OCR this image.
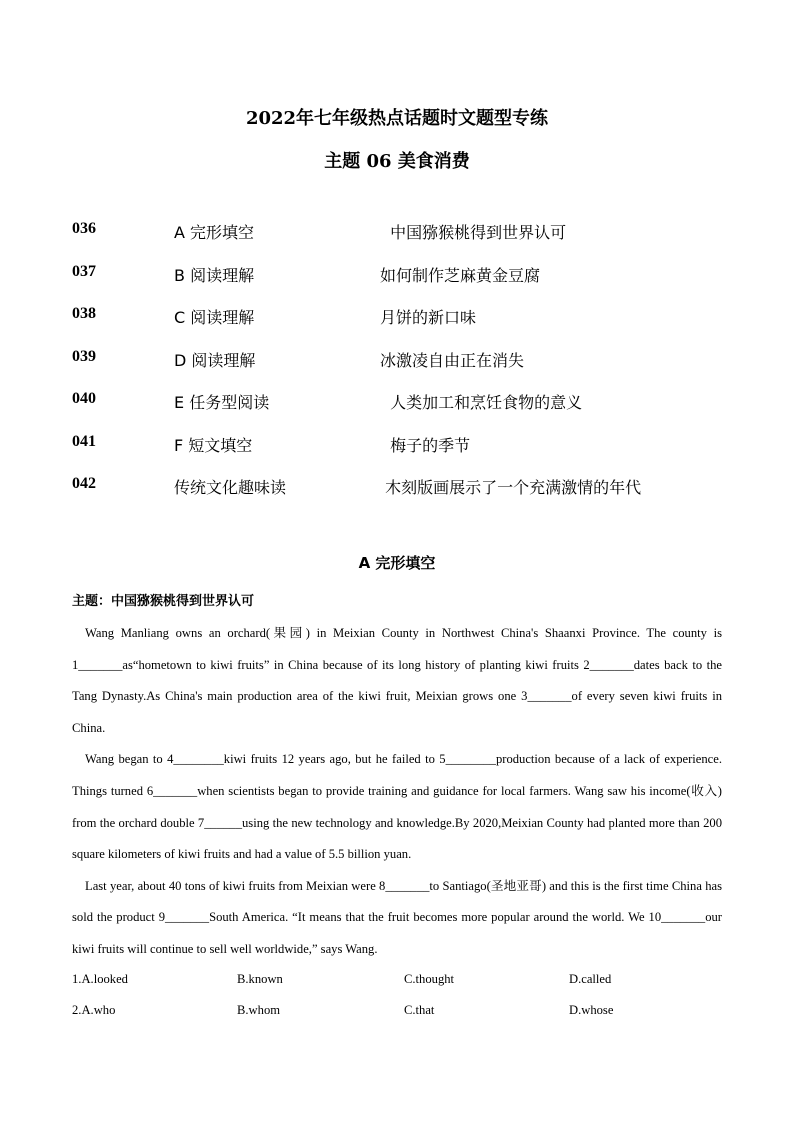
2022年七年级热点话题时文题型专练
主题 06 美食消费
036	A 完形填空	中国猕猴桃得到世界认可
037	B 阅读理解	如何制作芝麻黄金豆腐
038	C 阅读理解	月饼的新口味
039	D 阅读理解	冰激凌自由正在消失
040	E 任务型阅读	人类加工和烹饪食物的意义
041	F 短文填空	梅子的季节
042	传统文化趣味读	木刻版画展示了一个充满激情的年代
A 完形填空
主题：中国猕猴桃得到世界认可

Wang Manliang owns an orchard(果园) in Meixian County in Northwest China's Shaanxi Province. The county is 1_______as“hometown to kiwi fruits” in China because of its long history of planting kiwi fruits 2_______dates back to the Tang Dynasty.As China's main production area of the kiwi fruit, Meixian grows one 3_______of every seven kiwi fruits in China.

Wang began to 4________kiwi fruits 12 years ago, but he failed to 5________production because of a lack of experience. Things turned 6_______when scientists began to provide training and guidance for local farmers. Wang saw his income(收入) from the orchard double 7______using the new technology and knowledge.By 2020,Meixian County had planted more than 200 square kilometers of kiwi fruits and had a value of 5.5 billion yuan.

Last year, about 40 tons of kiwi fruits from Meixian were 8_______to Santiago(圣地亚哥) and this is the first time China has sold the product 9_______South America. “It means that the fruit becomes more popular around the world. We 10_______our kiwi fruits will continue to sell well worldwide,” says Wang.

1.A.looked	B.known	C.thought	D.called
2.A.who	B.whom	C.that	D.whose
